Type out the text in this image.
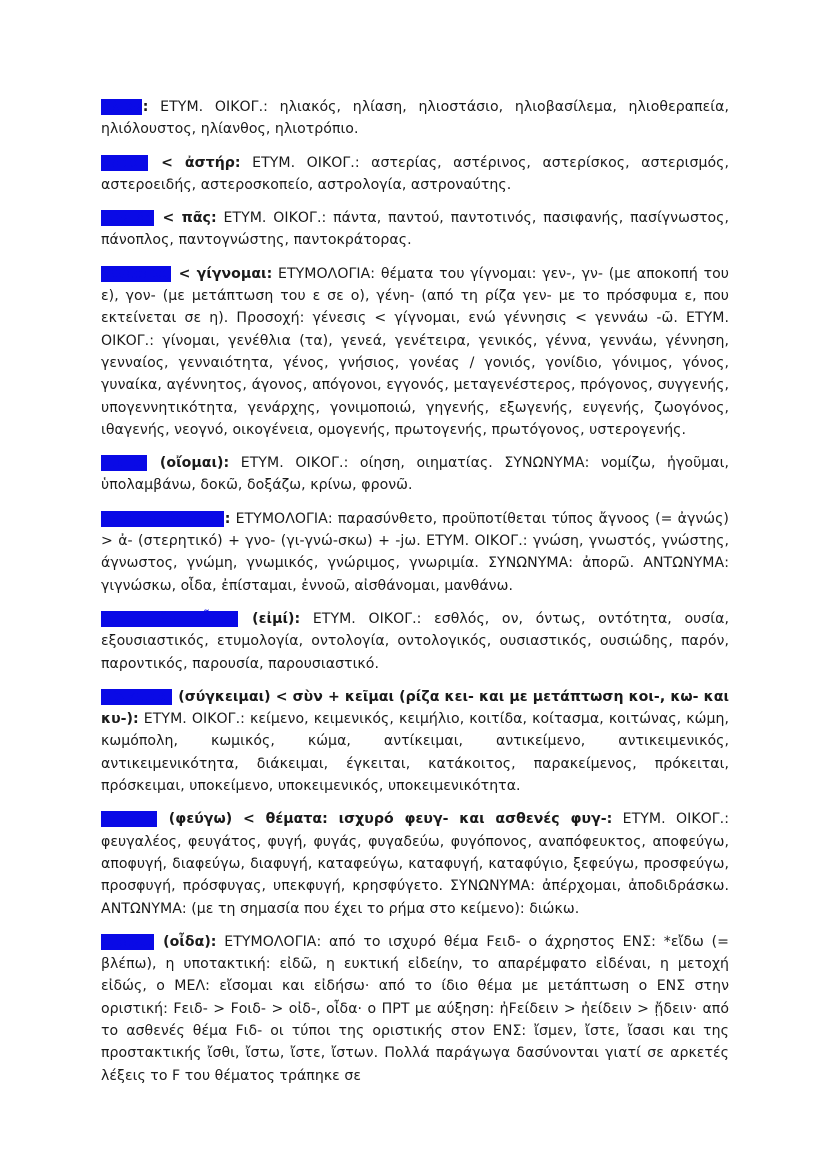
ἥλιον : ΕΤΥΜ. ΟΙΚΟΓ.: ηλιακός, ηλίαση, ηλιοστάσιο, ηλιοβασίλεμα, ηλιοθεραπεία, ηλιόλουστος, ηλίανθος, ηλιοτρόπιο.

ἄστρα < ἀστήρ: ΕΤΥΜ. ΟΙΚΟΓ.: αστερίας, αστέρινος, αστερίσκος, αστερισμός, αστεροειδής, αστεροσκοπείο, αστρολογία, αστροναύτης.

παντός < πᾶς: ΕΤΥΜ. ΟΙΚΟΓ.: πάντα, παντού, παντοτινός, πασιφανής, πασίγνωστος, πάνοπλος, παντογνώστης, παντοκράτορας.

γενέσεως < γίγνομαι: ΕΤΥΜΟΛΟΓΙΑ: θέματα του γίγνομαι: γεν-, γν- (με αποκοπή του ε), γον- (με μετάπτωση του ε σε ο), γένη- (από τη ρίζα γεν- με το πρόσφυμα ε, που εκτείνεται σε η). Προσοχή: γένεσις < γίγνομαι, ενώ γέννησις < γεννάω -ῶ. ΕΤΥΜ. ΟΙΚΟΓ.: γίνομαι, γενέθλια (τα), γενεά, γενέτειρα, γενικός, γέννα, γεννάω, γέννηση, γενναίος, γενναιότητα, γένος, γνήσιος, γονέας / γονιός, γονίδιο, γόνιμος, γόνος, γυναίκα, αγέννητος, άγονος, απόγονοι, εγγονός, μεταγενέστερος, πρόγονος, συγγενής, υπογεννητικότητα, γενάρχης, γονιμοποιώ, γηγενής, εξωγενής, ευγενής, ζωογόνος, ιθαγενής, νεογνό, οικογένεια, ομογενής, πρωτογενής, πρωτόγονος, υστερογενής.

οἴεται (οἴομαι): ΕΤΥΜ. ΟΙΚΟΓ.: οίηση, οιηματίας. ΣΥΝΩΝΥΜΑ: νομίζω, ἡγοῦμαι, ὑπολαμβάνω, δοκῶ, δοξάζω, κρίνω, φρονῶ.

ἀγνοεῖν, ἄγνοιαν : ΕΤΥΜΟΛΟΓΙΑ: παρασύνθετο, προϋποτίθεται τύπος ἄγνοος (= ἀγνώς) > ἀ- (στερητικό) + γνο- (γι-γνώ-σκω) + -jω. ΕΤΥΜ. ΟΙΚΟΓ.: γνώση, γνωστός, γνώστης, άγνωστος, γνώμη, γνωμικός, γνώριμος, γνωριμία. ΣΥΝΩΝΥΜΑ: ἀπορῶ. ΑΝΤΩΝΥΜΑ: γιγνώσκω, οἶδα, ἐπίσταμαι, ἐννοῶ, αἰσθάνομαι, μανθάνω.

ἐστιν, ὤν, οὖσαν (εἰμί): ΕΤΥΜ. ΟΙΚΟΓ.: εσθλός, ον, όντως, οντότητα, ουσία, εξουσιαστικός, ετυμολογία, οντολογία, οντολογικός, ουσιαστικός, ουσιώδης, παρόν, παροντικός, παρουσία, παρουσιαστικό.

σύγκειται (σύγκειμαι) < σὺν + κεῖμαι (ρίζα κει- και με μετάπτωση κοι-, κω- και κυ-): ΕΤΥΜ. ΟΙΚΟΓ.: κείμενο, κειμενικός, κειμήλιο, κοιτίδα, κοίτασμα, κοιτώνας, κώμη, κωμόπολη, κωμικός, κώμα, αντίκειμαι, αντικείμενο, αντικειμενικός, αντικειμενικότητα, διάκειμαι, έγκειται, κατάκοιτος, παρακείμενος, πρόκειται, πρόσκειμαι, υποκείμενο, υποκειμενικός, υποκειμενικότητα.

φεύγειν (φεύγω) < θέματα: ισχυρό φευγ- και ασθενές φυγ-: ΕΤΥΜ. ΟΙΚΟΓ.: φευγαλέος, φευγάτος, φυγή, φυγάς, φυγαδεύω, φυγόπονος, αναπόφευκτος, αποφεύγω, αποφυγή, διαφεύγω, διαφυγή, καταφεύγω, καταφυγή, καταφύγιο, ξεφεύγω, προσφεύγω, προσφυγή, πρόσφυγας, υπεκφυγή, κρησφύγετο. ΣΥΝΩΝΥΜΑ: ἀπέρχομαι, ἀποδιδράσκω. ΑΝΤΩΝΥΜΑ: (με τη σημασία που έχει το ρήμα στο κείμενο): διώκω.

εἰδέναι (οἶδα): ΕΤΥΜΟΛΟΓΙΑ: από το ισχυρό θέμα Fειδ- ο άχρηστος ΕΝΣ: *εἴδω (= βλέπω), η υποτακτική: εἰδῶ, η ευκτική εἰδείην, το απαρέμφατο εἰδέναι, η μετοχή εἰδώς, ο ΜΕΛ: εἴσομαι και εἰδήσω· από το ίδιο θέμα με μετάπτωση ο ΕΝΣ στην οριστική: Fειδ- > Fοιδ- > οἰδ-, οἶδα· ο ΠΡΤ με αύξηση: ἠFείδειν > ἠείδειν > ᾔδειν· από το ασθενές θέμα Fιδ- οι τύποι της οριστικής στον ΕΝΣ: ἴσμεν, ἴστε, ἴσασι και της προστακτικής ἴσθι, ἴστω, ἴστε, ἴστων. Πολλά παράγωγα δασύνονται γιατί σε αρκετές λέξεις το F του θέματος τράπηκε σε
